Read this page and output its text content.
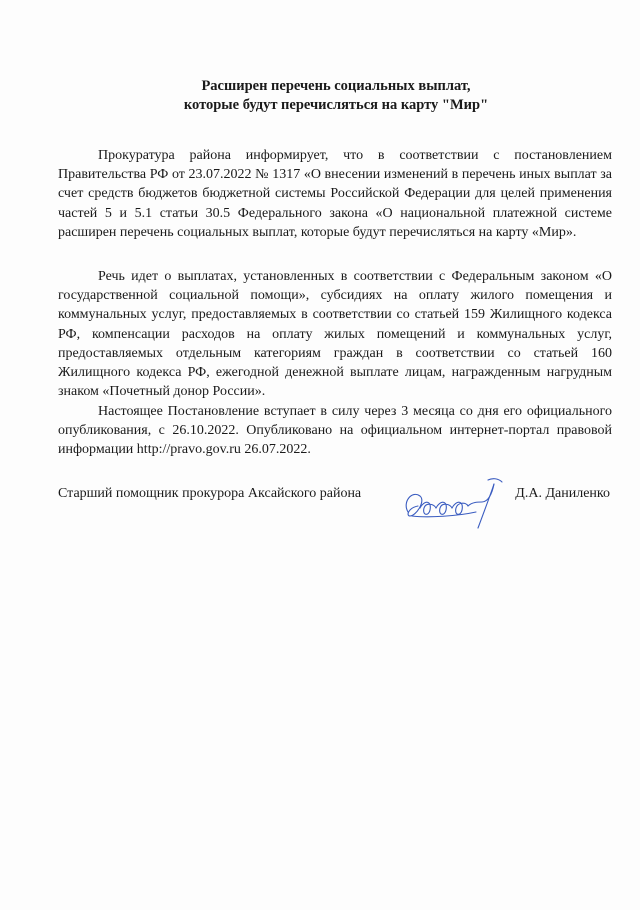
Расширен перечень социальных выплат,
которые будут перечисляться на карту "Мир"

Прокуратура района информирует, что в соответствии с постановлением Правительства РФ от 23.07.2022 № 1317 «О внесении изменений в перечень иных выплат за счет средств бюджетов бюджетной системы Российской Федерации для целей применения частей 5 и 5.1 статьи 30.5 Федерального закона «О национальной платежной системе расширен перечень социальных выплат, которые будут перечисляться на карту «Мир».

Речь идет о выплатах, установленных в соответствии с Федеральным законом «О государственной социальной помощи», субсидиях на оплату жилого помещения и коммунальных услуг, предоставляемых в соответствии со статьей 159 Жилищного кодекса РФ, компенсации расходов на оплату жилых помещений и коммунальных услуг, предоставляемых отдельным категориям граждан в соответствии со статьей 160 Жилищного кодекса РФ, ежегодной денежной выплате лицам, награжденным нагрудным знаком «Почетный донор России».

Настоящее Постановление вступает в силу через 3 месяца со дня его официального опубликования, с 26.10.2022. Опубликовано на официальном интернет-портал правовой информации http://pravo.gov.ru 26.07.2022.

Старший помощник прокурора Аксайского района	Д.А. Даниленко
